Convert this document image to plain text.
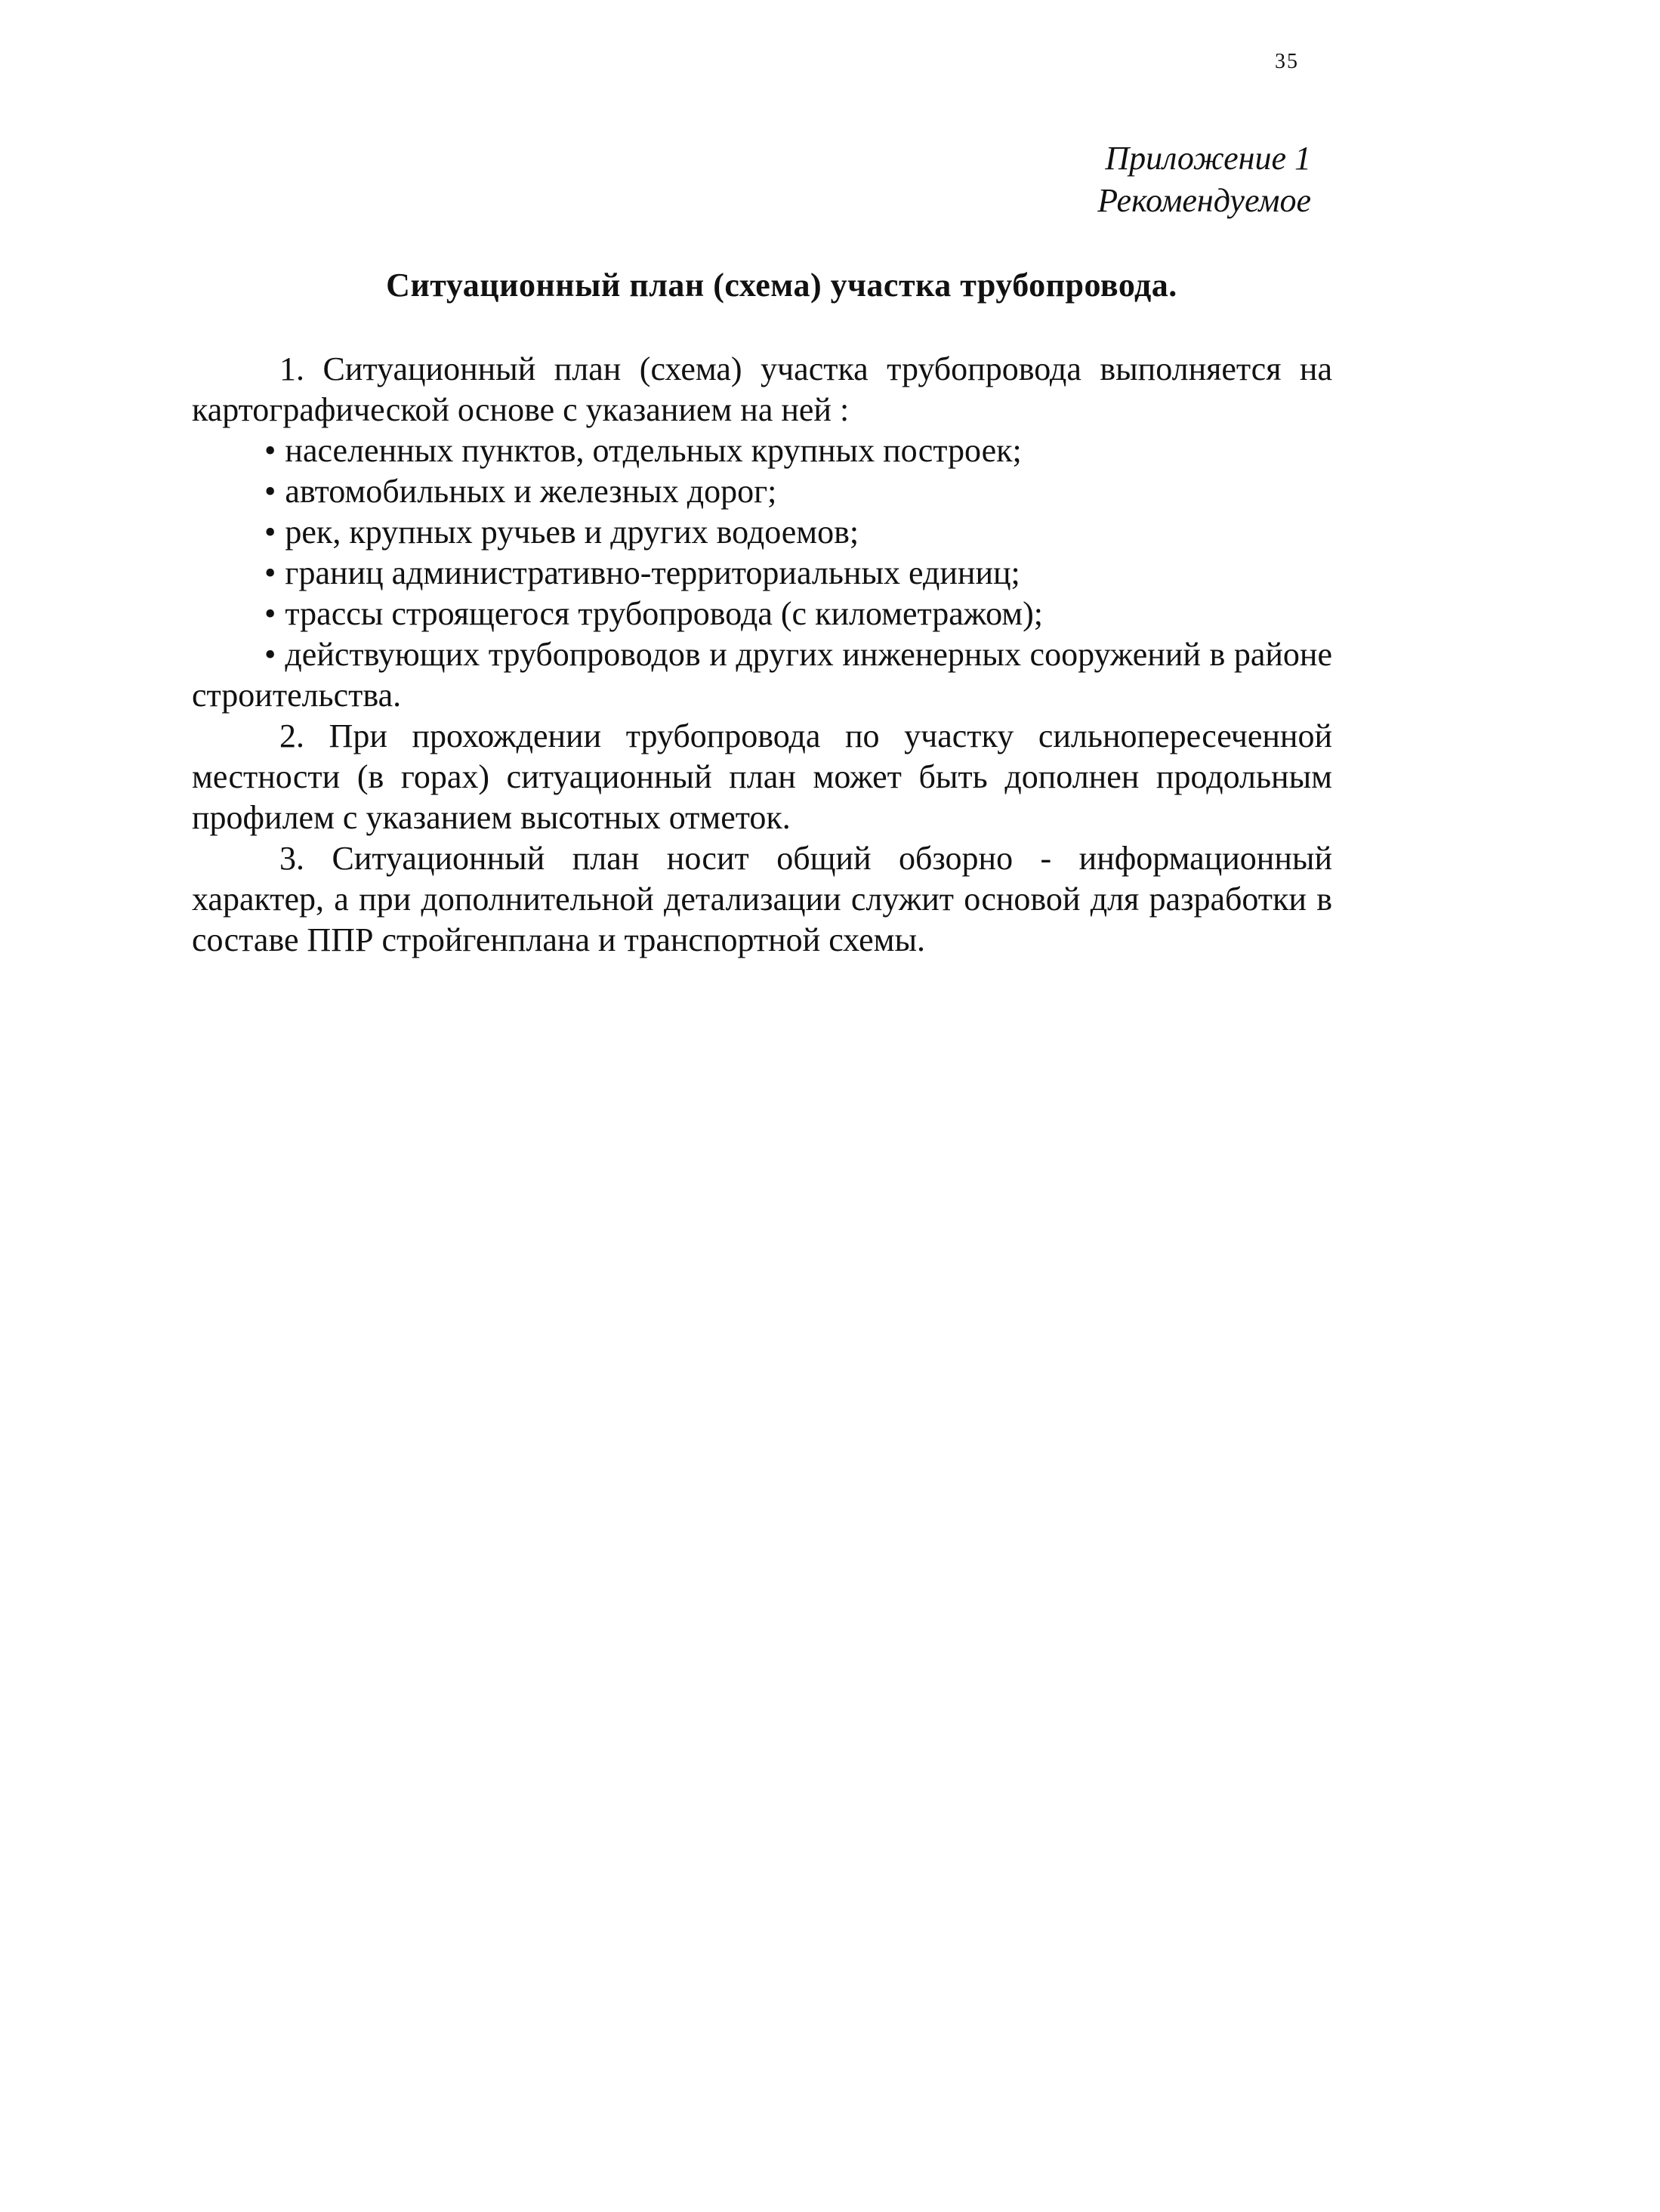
35
Приложение 1
Рекомендуемое
Ситуационный план (схема) участка трубопровода.

1. Ситуационный план (схема) участка трубопровода выполняется на картографической основе с указанием на ней :

• населенных пунктов, отдельных крупных построек;
• автомобильных и железных дорог;
• рек, крупных ручьев и других водоемов;
• границ административно-территориальных единиц;
• трассы строящегося трубопровода (с километражом);
• действующих трубопроводов и других инженерных сооружений в районе строительства.

2. При прохождении трубопровода по участку сильнопересеченной местности (в горах) ситуационный план может быть дополнен продольным профилем с указанием высотных отметок.

3. Ситуационный план носит общий обзорно - информационный характер, а при дополнительной детализации служит основой для разработки в составе ППР стройгенплана и транспортной схемы.
